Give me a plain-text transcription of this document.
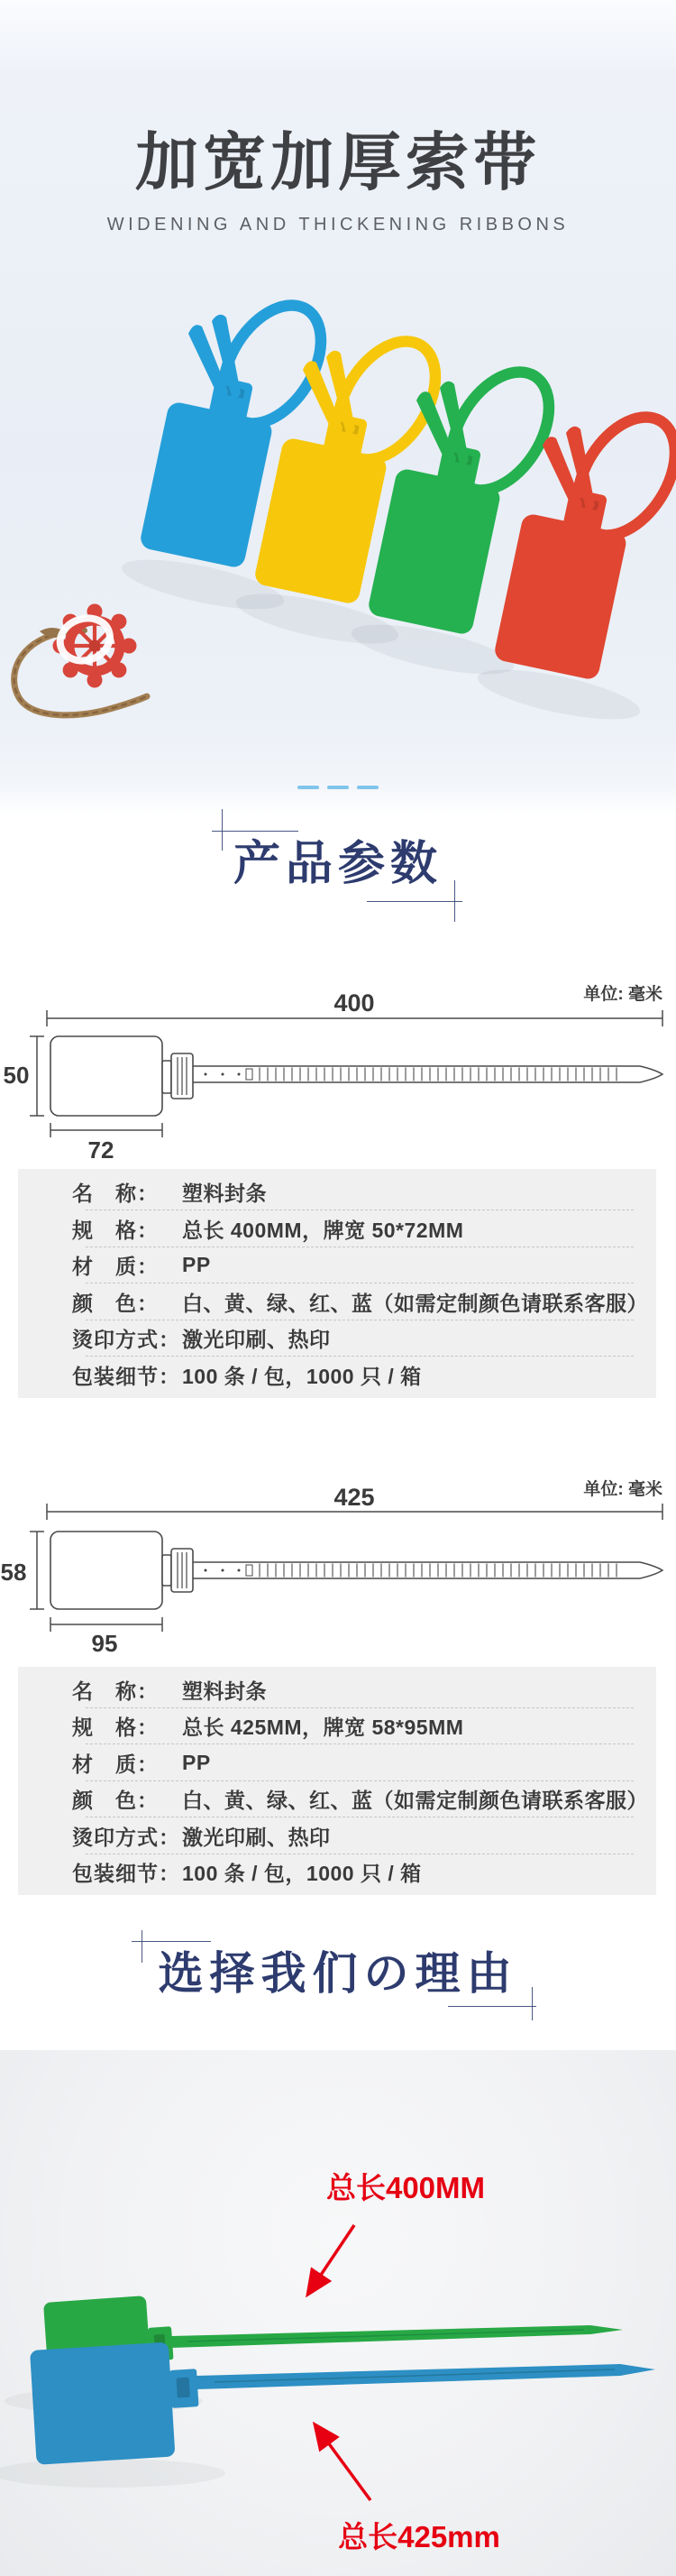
加宽加厚索带
WIDENING AND THICKENING RIBBONS
产品参数
单位: 毫米
400
50
72
名　称：	塑料封条
规　格：	总长 400MM，牌宽 50*72MM
材　质：	PP
颜　色：	白、黄、绿、红、蓝（如需定制颜色请联系客服）
烫印方式： 激光印刷、热印
包装细节： 100 条 / 包，1000 只 / 箱
单位: 毫米
425
58
95
名　称：	塑料封条
规　格：	总长 425MM，牌宽 58*95MM
材　质：	PP
颜　色：	白、黄、绿、红、蓝（如需定制颜色请联系客服）
烫印方式： 激光印刷、热印
包装细节： 100 条 / 包，1000 只 / 箱
选择我们の理由
总长400MM
总长425mm
